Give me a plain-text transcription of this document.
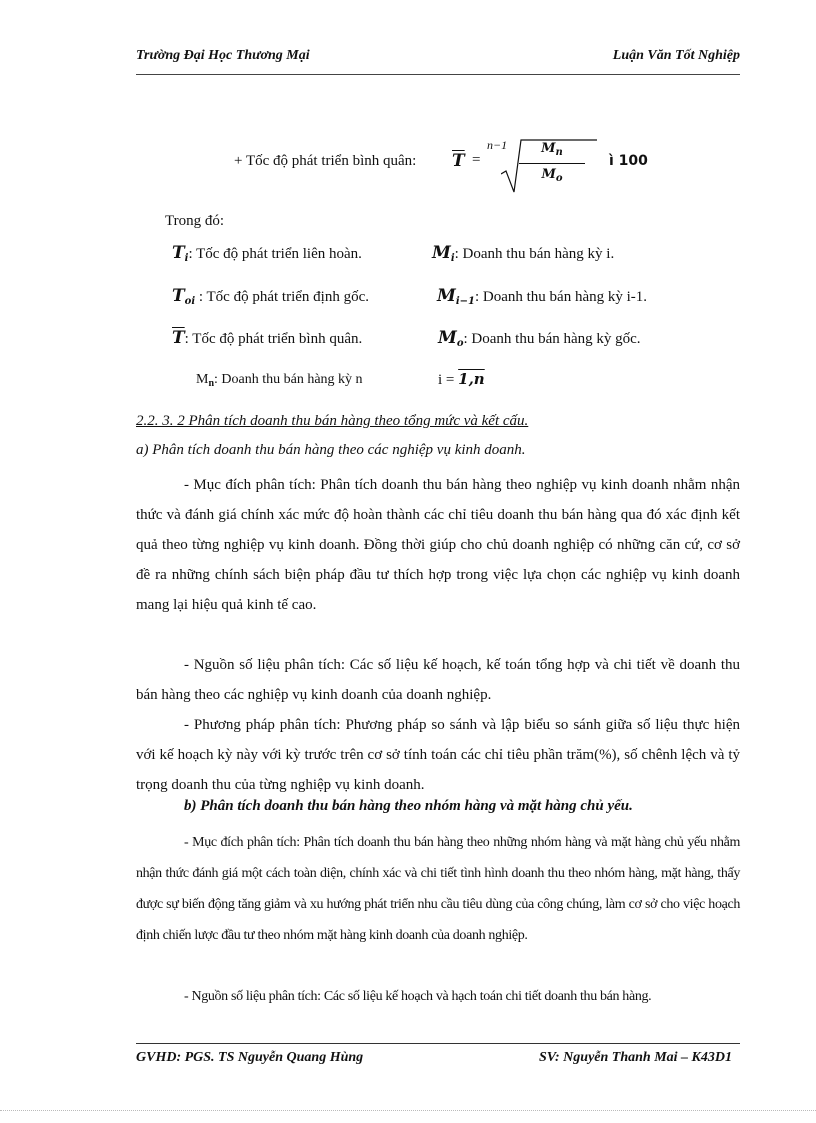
Trường Đại Học Thương Mại	Luận Văn Tốt Nghiệp
+ Tốc độ phát triển bình quân: $\overline{T}$ =
n−1	$M_n$
$M_o$
ì 100
Trong đó:
$T_i$: Tốc độ phát triển liên hoàn.	$M_i$: Doanh thu bán hàng kỳ i.
$T_{oi}$ : Tốc độ phát triển định gốc.	$M_{i-1}$: Doanh thu bán hàng kỳ i-1.
$\overline{T}$: Tốc độ phát triển bình quân.	$M_o$: Doanh thu bán hàng kỳ gốc.
$M_n$: Doanh thu bán hàng kỳ n	i = 1,n
2.2. 3. 2 Phân tích doanh thu bán hàng theo tổng mức và kết cấu.
a) Phân tích doanh thu bán hàng theo các nghiệp vụ kinh doanh.
- Mục đích phân tích: Phân tích doanh thu bán hàng theo nghiệp vụ kinh doanh nhằm nhận thức và đánh giá chính xác mức độ hoàn thành các chỉ tiêu doanh thu bán hàng qua đó xác định kết quả theo từng nghiệp vụ kinh doanh. Đồng thời giúp cho chủ doanh nghiệp có những căn cứ, cơ sở đề ra những chính sách biện pháp đầu tư thích hợp trong việc lựa chọn các nghiệp vụ kinh doanh mang lại hiệu quả kinh tế cao.
- Nguồn số liệu phân tích: Các số liệu kế hoạch, kế toán tổng hợp và chi tiết về doanh thu bán hàng theo các nghiệp vụ kinh doanh của doanh nghiệp.
- Phương pháp phân tích: Phương pháp so sánh và lập biểu so sánh giữa số liệu thực hiện với kế hoạch kỳ này với kỳ trước trên cơ sở tính toán các chỉ tiêu phần trăm(%), số chênh lệch và tỷ trọng doanh thu của từng nghiệp vụ kinh doanh.
b) Phân tích doanh thu bán hàng theo nhóm hàng và mặt hàng chủ yếu.
- Mục đích phân tích: Phân tích doanh thu bán hàng theo những nhóm hàng và mặt hàng chủ yếu nhằm nhận thức đánh giá một cách toàn diện, chính xác và chi tiết tình hình doanh thu theo nhóm hàng, mặt hàng, thấy được sự biến động tăng giảm và xu hướng phát triển nhu cầu tiêu dùng của công chúng, làm cơ sở cho việc hoạch định chiến lược đầu tư theo nhóm mặt hàng kinh doanh của doanh nghiệp.
- Nguồn số liệu phân tích: Các số liệu kế hoạch và hạch toán chi tiết doanh thu bán hàng.
GVHD: PGS. TS Nguyễn Quang Hùng	SV: Nguyễn Thanh Mai – K43D1
